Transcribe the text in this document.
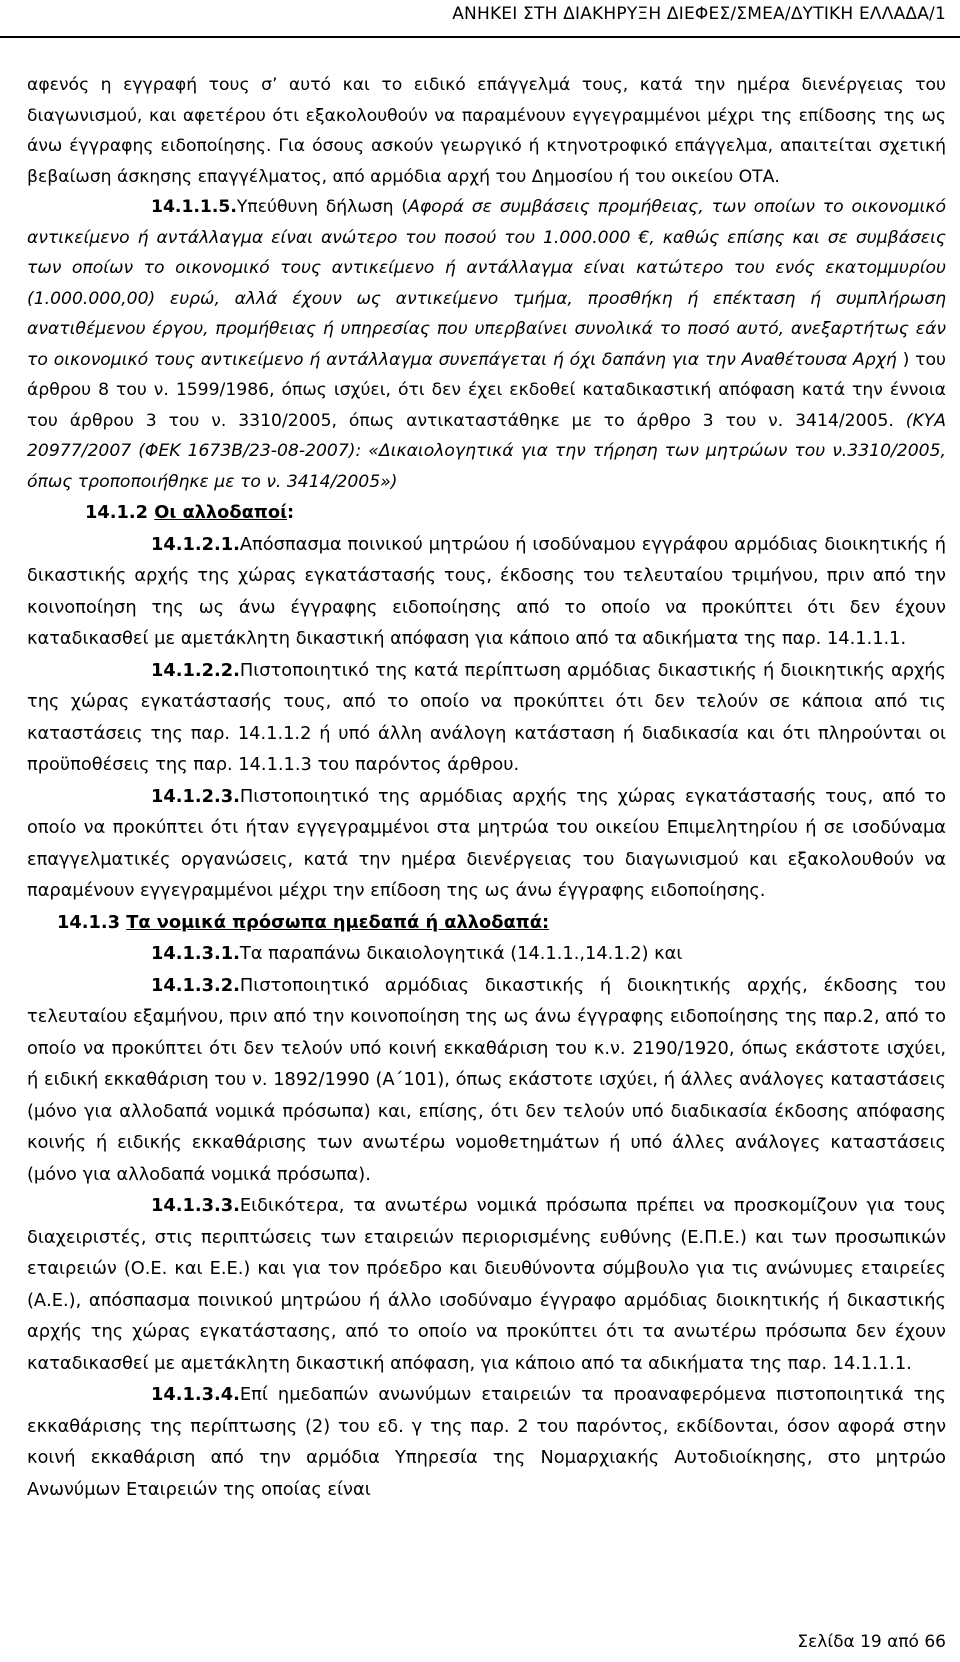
ΑΝΗΚΕΙ ΣΤΗ ΔΙΑΚΗΡΥΞΗ ΔΙΕΦΕΣ/ΣΜΕΑ/ΔΥΤΙΚΗ ΕΛΛΑΔΑ/1

αφενός η εγγραφή τους σ’ αυτό και το ειδικό επάγγελμά τους, κατά την ημέρα διενέργειας του διαγωνισμού, και αφετέρου ότι εξακολουθούν να παραμένουν εγγεγραμμένοι μέχρι της επίδοσης της ως άνω έγγραφης ειδοποίησης. Για όσους ασκούν γεωργικό ή κτηνοτροφικό επάγγελμα, απαιτείται σχετική βεβαίωση άσκησης επαγγέλματος, από αρμόδια αρχή του Δημοσίου ή του οικείου ΟΤΑ.

14.1.1.5.Υπεύθυνη δήλωση (Αφορά σε συμβάσεις προμήθειας, των οποίων το οικονομικό αντικείμενο ή αντάλλαγμα είναι ανώτερο του ποσού του 1.000.000 €, καθώς επίσης και σε συμβάσεις των οποίων το οικονομικό τους αντικείμενο ή αντάλλαγμα είναι κατώτερο του ενός εκατομμυρίου (1.000.000,00) ευρώ, αλλά έχουν ως αντικείμενο τμήμα, προσθήκη ή επέκταση ή συμπλήρωση ανατιθέμενου έργου, προμήθειας ή υπηρεσίας που υπερβαίνει συνολικά το ποσό αυτό, ανεξαρτήτως εάν το οικονομικό τους αντικείμενο ή αντάλλαγμα συνεπάγεται ή όχι δαπάνη για την Αναθέτουσα Αρχή ) του άρθρου 8 του ν. 1599/1986, όπως ισχύει, ότι δεν έχει εκδοθεί καταδικαστική απόφαση κατά την έννοια του άρθρου 3 του ν. 3310/2005, όπως αντικαταστάθηκε με το άρθρο 3 του ν. 3414/2005. (ΚΥΑ 20977/2007 (ΦΕΚ 1673Β/23-08-2007): «Δικαιολογητικά για την τήρηση των μητρώων του ν.3310/2005, όπως τροποποιήθηκε με το ν. 3414/2005»)

14.1.2 Οι αλλοδαποί:

14.1.2.1.Απόσπασμα ποινικού μητρώου ή ισοδύναμου εγγράφου αρμόδιας διοικητικής ή δικαστικής αρχής της χώρας εγκατάστασής τους, έκδοσης του τελευταίου τριμήνου, πριν από την κοινοποίηση της ως άνω έγγραφης ειδοποίησης από το οποίο να προκύπτει ότι δεν έχουν καταδικασθεί με αμετάκλητη δικαστική απόφαση για κάποιο από τα αδικήματα της παρ. 14.1.1.1.

14.1.2.2.Πιστοποιητικό της κατά περίπτωση αρμόδιας δικαστικής ή διοικητικής αρχής της χώρας εγκατάστασής τους, από το οποίο να προκύπτει ότι δεν τελούν σε κάποια από τις καταστάσεις της παρ. 14.1.1.2 ή υπό άλλη ανάλογη κατάσταση ή διαδικασία και ότι πληρούνται οι προϋποθέσεις της παρ. 14.1.1.3 του παρόντος άρθρου.

14.1.2.3.Πιστοποιητικό της αρμόδιας αρχής της χώρας εγκατάστασής τους, από το οποίο να προκύπτει ότι ήταν εγγεγραμμένοι στα μητρώα του οικείου Επιμελητηρίου ή σε ισοδύναμα επαγγελματικές οργανώσεις, κατά την ημέρα διενέργειας του διαγωνισμού και εξακολουθούν να παραμένουν εγγεγραμμένοι μέχρι την επίδοση της ως άνω έγγραφης ειδοποίησης.

14.1.3 Τα νομικά πρόσωπα ημεδαπά ή αλλοδαπά:

14.1.3.1.Τα παραπάνω δικαιολογητικά (14.1.1.,14.1.2) και

14.1.3.2.Πιστοποιητικό αρμόδιας δικαστικής ή διοικητικής αρχής, έκδοσης του τελευταίου εξαμήνου, πριν από την κοινοποίηση της ως άνω έγγραφης ειδοποίησης της παρ.2, από το οποίο να προκύπτει ότι δεν τελούν υπό κοινή εκκαθάριση του κ.ν. 2190/1920, όπως εκάστοτε ισχύει, ή ειδική εκκαθάριση του ν. 1892/1990 (Α΄101), όπως εκάστοτε ισχύει, ή άλλες ανάλογες καταστάσεις (μόνο για αλλοδαπά νομικά πρόσωπα) και, επίσης, ότι δεν τελούν υπό διαδικασία έκδοσης απόφασης κοινής ή ειδικής εκκαθάρισης των ανωτέρω νομοθετημάτων ή υπό άλλες ανάλογες καταστάσεις (μόνο για αλλοδαπά νομικά πρόσωπα).

14.1.3.3.Ειδικότερα, τα ανωτέρω νομικά πρόσωπα πρέπει να προσκομίζουν για τους διαχειριστές, στις περιπτώσεις των εταιρειών περιορισμένης ευθύνης (Ε.Π.Ε.) και των προσωπικών εταιρειών (Ο.Ε. και Ε.Ε.) και για τον πρόεδρο και διευθύνοντα σύμβουλο για τις ανώνυμες εταιρείες (Α.Ε.), απόσπασμα ποινικού μητρώου ή άλλο ισοδύναμο έγγραφο αρμόδιας διοικητικής ή δικαστικής αρχής της χώρας εγκατάστασης, από το οποίο να προκύπτει ότι τα ανωτέρω πρόσωπα δεν έχουν καταδικασθεί με αμετάκλητη δικαστική απόφαση, για κάποιο από τα αδικήματα της παρ. 14.1.1.1.

14.1.3.4.Επί ημεδαπών ανωνύμων εταιρειών τα προαναφερόμενα πιστοποιητικά της εκκαθάρισης της περίπτωσης (2) του εδ. γ της παρ. 2 του παρόντος, εκδίδονται, όσον αφορά στην κοινή εκκαθάριση από την αρμόδια Υπηρεσία της Νομαρχιακής Αυτοδιοίκησης, στο μητρώο Ανωνύμων Εταιρειών της οποίας είναι

Σελίδα 19 από 66
